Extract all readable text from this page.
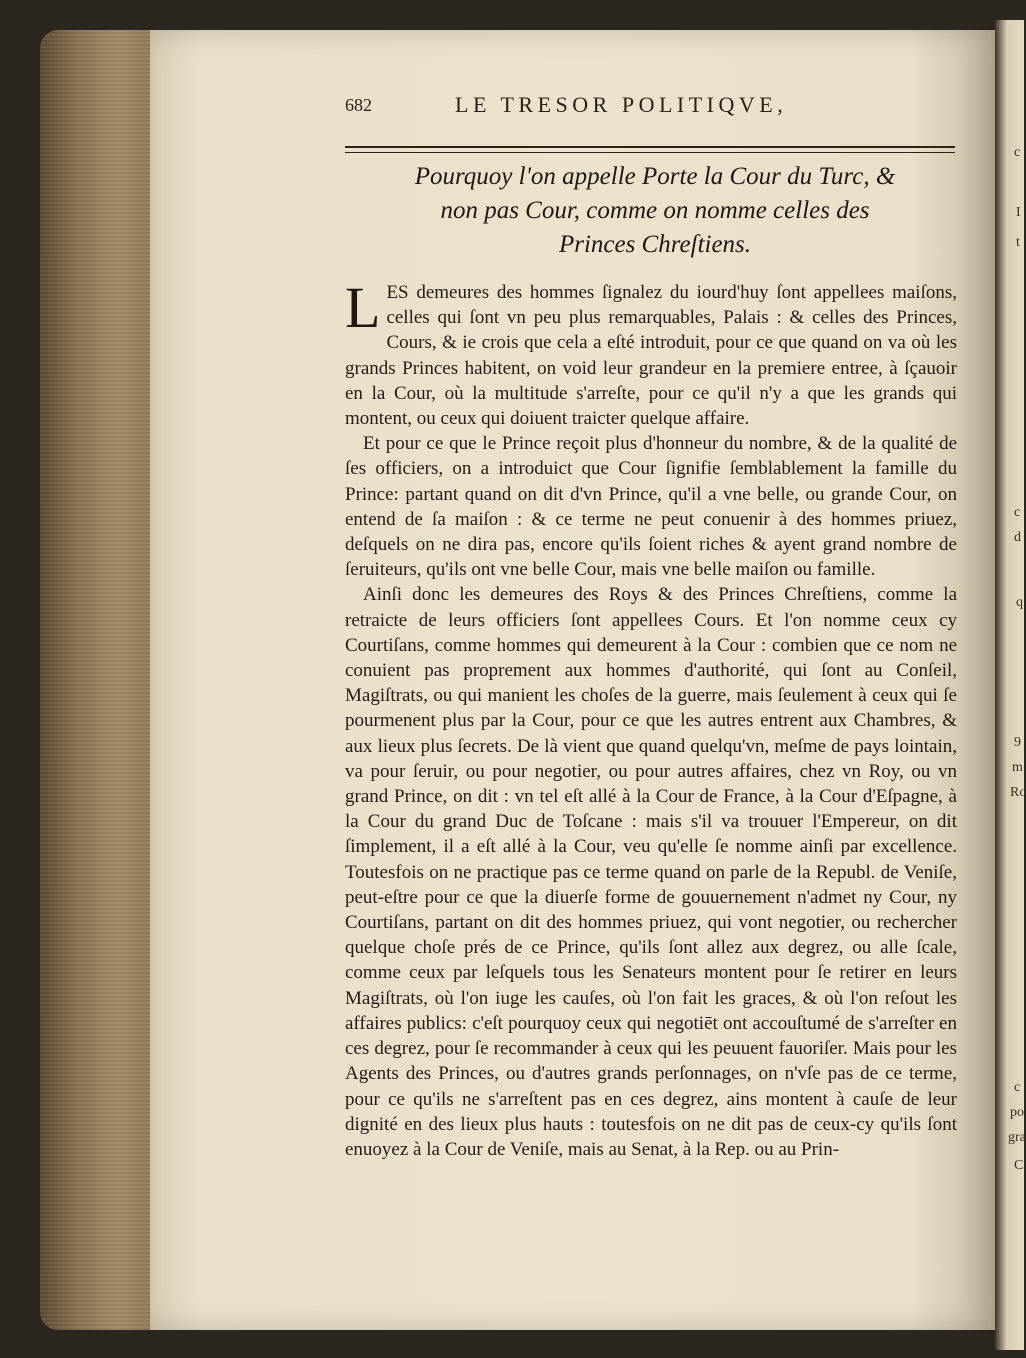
682	LE TRESOR POLITIQVE,
Pourquoy l'on appelle Porte la Cour du Turc, &
non pas Cour, comme on nomme celles des
Princes Chreſtiens.

LES demeures des hommes ſignalez du iourd'huy ſont appellees maiſons, celles qui ſont vn peu plus remarquables, Palais : & celles des Princes, Cours, & ie crois que cela a eſté introduit, pour ce que quand on va où les grands Princes habitent, on void leur grandeur en la premiere entree, à ſçauoir en la Cour, où la multitude s'arreſte, pour ce qu'il n'y a que les grands qui montent, ou ceux qui doiuent traicter quelque affaire.

Et pour ce que le Prince reçoit plus d'honneur du nombre, & de la qualité de ſes officiers, on a introduict que Cour ſignifie ſemblablement la famille du Prince: partant quand on dit d'vn Prince, qu'il a vne belle, ou grande Cour, on entend de ſa maiſon : & ce terme ne peut conuenir à des hommes priuez, deſquels on ne dira pas, encore qu'ils ſoient riches & ayent grand nombre de ſeruiteurs, qu'ils ont vne belle Cour, mais vne belle maiſon ou famille.

Ainſi donc les demeures des Roys & des Princes Chreſtiens, comme la retraicte de leurs officiers ſont appellees Cours. Et l'on nomme ceux cy Courtiſans, comme hommes qui demeurent à la Cour : combien que ce nom ne conuient pas proprement aux hommes d'authorité, qui ſont au Conſeil, Magiſtrats, ou qui manient les choſes de la guerre, mais ſeulement à ceux qui ſe pourmenent plus par la Cour, pour ce que les autres entrent aux Chambres, & aux lieux plus ſecrets. De là vient que quand quelqu'vn, meſme de pays lointain, va pour ſeruir, ou pour negotier, ou pour autres affaires, chez vn Roy, ou vn grand Prince, on dit : vn tel eſt allé à la Cour de France, à la Cour d'Eſpagne, à la Cour du grand Duc de Toſcane : mais s'il va trouuer l'Empereur, on dit ſimplement, il a eſt allé à la Cour, veu qu'elle ſe nomme ainſi par excellence. Toutesfois on ne practique pas ce terme quand on parle de la Republ. de Veniſe, peut-eſtre pour ce que la diuerſe forme de gouuernement n'admet ny Cour, ny Courtiſans, partant on dit des hommes priuez, qui vont negotier, ou rechercher quelque choſe prés de ce Prince, qu'ils ſont allez aux degrez, ou alle ſcale, comme ceux par leſquels tous les Senateurs montent pour ſe retirer en leurs Magiſtrats, où l'on iuge les cauſes, où l'on fait les graces, & où l'on reſout les affaires publics: c'eſt pourquoy ceux qui negotiēt ont accouſtumé de s'arreſter en ces degrez, pour ſe recommander à ceux qui les peuuent fauoriſer. Mais pour les Agents des Princes, ou d'autres grands perſonnages, on n'vſe pas de ce terme, pour ce qu'ils ne s'arreſtent pas en ces degrez, ains montent à cauſe de leur dignité en des lieux plus hauts : toutesfois on ne dit pas de ceux-cy qu'ils ſont enuoyez à la Cour de Veniſe, mais au Senat, à la Rep. ou au Prin-

c
I
t
c
d
q
9
m
Ro
c
po
gra
C
